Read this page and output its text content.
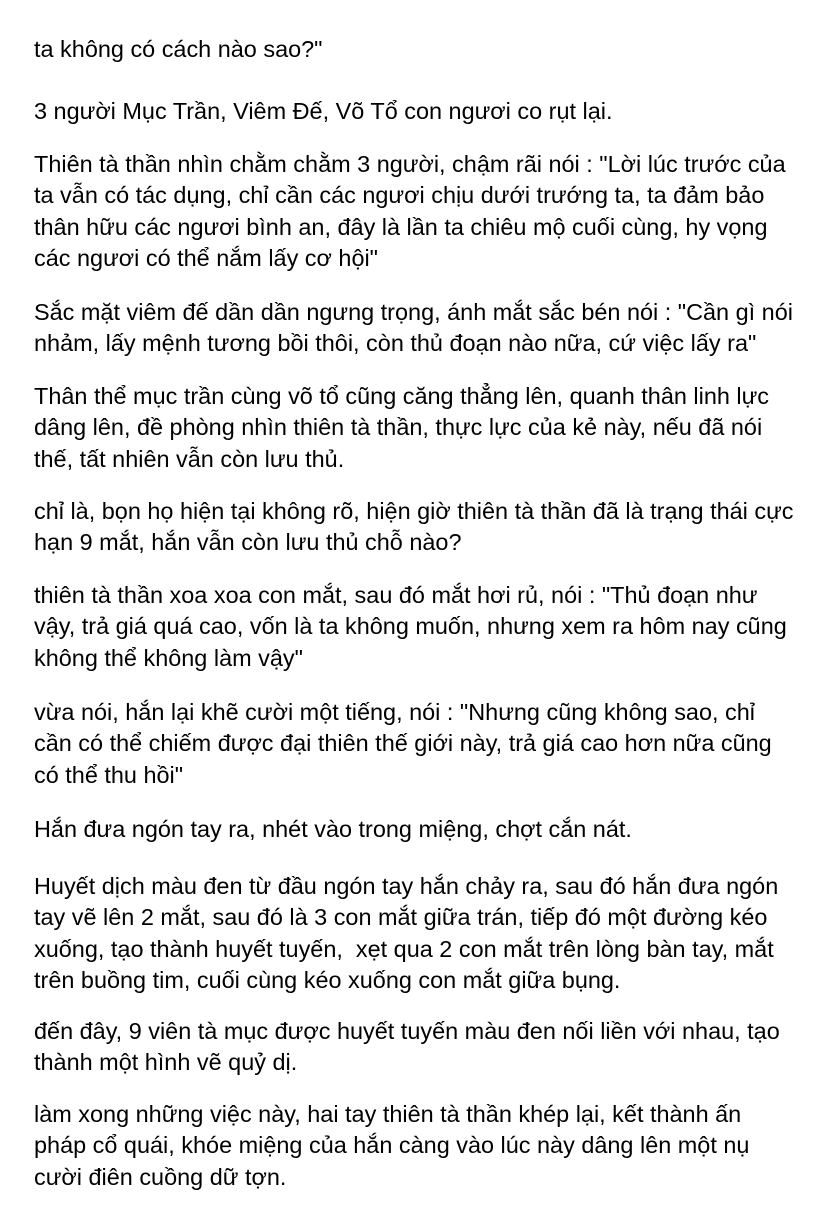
ta không có cách nào sao?"

3 người Mục Trần, Viêm Đế, Võ Tổ con ngươi co rụt lại.

Thiên tà thần nhìn chằm chằm 3 người, chậm rãi nói : "Lời lúc trước của
ta vẫn có tác dụng, chỉ cần các ngươi chịu dưới trướng ta, ta đảm bảo
thân hữu các ngươi bình an, đây là lần ta chiêu mộ cuối cùng, hy vọng
các ngươi có thể nắm lấy cơ hội"

Sắc mặt viêm đế dần dần ngưng trọng, ánh mắt sắc bén nói : "Cần gì nói
nhảm, lấy mệnh tương bồi thôi, còn thủ đoạn nào nữa, cứ việc lấy ra"

Thân thể mục trần cùng võ tổ cũng căng thẳng lên, quanh thân linh lực
dâng lên, đề phòng nhìn thiên tà thần, thực lực của kẻ này, nếu đã nói
thế, tất nhiên vẫn còn lưu thủ.

chỉ là, bọn họ hiện tại không rõ, hiện giờ thiên tà thần đã là trạng thái cực
hạn 9 mắt, hắn vẫn còn lưu thủ chỗ nào?

thiên tà thần xoa xoa con mắt, sau đó mắt hơi rủ, nói : "Thủ đoạn như
vậy, trả giá quá cao, vốn là ta không muốn, nhưng xem ra hôm nay cũng
không thể không làm vậy"

vừa nói, hắn lại khẽ cười một tiếng, nói : "Nhưng cũng không sao, chỉ
cần có thể chiếm được đại thiên thế giới này, trả giá cao hơn nữa cũng
có thể thu hồi"

Hắn đưa ngón tay ra, nhét vào trong miệng, chợt cắn nát.

Huyết dịch màu đen từ đầu ngón tay hắn chảy ra, sau đó hắn đưa ngón
tay vẽ lên 2 mắt, sau đó là 3 con mắt giữa trán, tiếp đó một đường kéo
xuống, tạo thành huyết tuyến,  xẹt qua 2 con mắt trên lòng bàn tay, mắt
trên buồng tim, cuối cùng kéo xuống con mắt giữa bụng.

đến đây, 9 viên tà mục được huyết tuyến màu đen nối liền với nhau, tạo
thành một hình vẽ quỷ dị.

làm xong những việc này, hai tay thiên tà thần khép lại, kết thành ấn
pháp cổ quái, khóe miệng của hắn càng vào lúc này dâng lên một nụ
cười điên cuồng dữ tợn.
